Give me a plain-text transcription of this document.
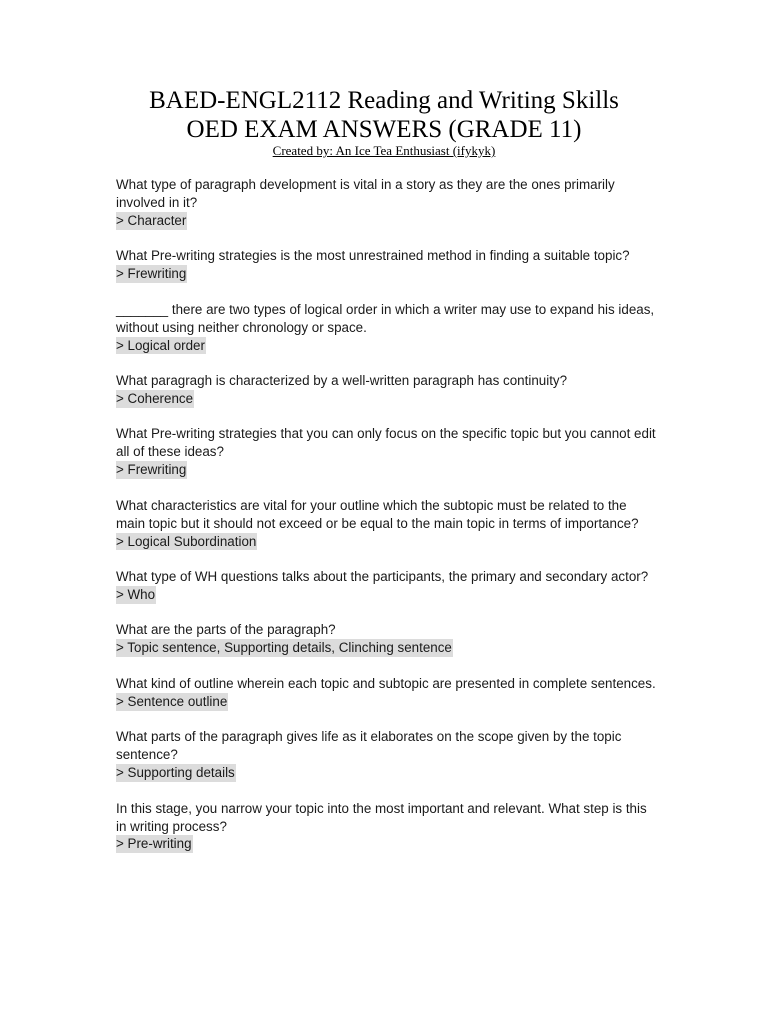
BAED-ENGL2112 Reading and Writing Skills
OED EXAM ANSWERS (GRADE 11)
Created by: An Ice Tea Enthusiast (ifykyk)
What type of paragraph development is vital in a story as they are the ones primarily involved in it?
> Character
What Pre-writing strategies is the most unrestrained method in finding a suitable topic?
> Frewriting
_______ there are two types of logical order in which a writer may use to expand his ideas, without using neither chronology or space.
> Logical order
What paragragh is characterized by a well-written paragraph has continuity?
> Coherence
What Pre-writing strategies that you can only focus on the specific topic but you cannot edit all of these ideas?
> Frewriting
What characteristics are vital for your outline which the subtopic must be related to the main topic but it should not exceed or be equal to the main topic in terms of importance?
> Logical Subordination
What type of WH questions talks about the participants, the primary and secondary actor?
> Who
What are the parts of the paragraph?
> Topic sentence, Supporting details, Clinching sentence
What kind of outline wherein each topic and subtopic are presented in complete sentences.
> Sentence outline
What parts of the paragraph gives life as it elaborates on the scope given by the topic sentence?
> Supporting details
In this stage, you narrow your topic into the most important and relevant. What step is this in writing process?
> Pre-writing
